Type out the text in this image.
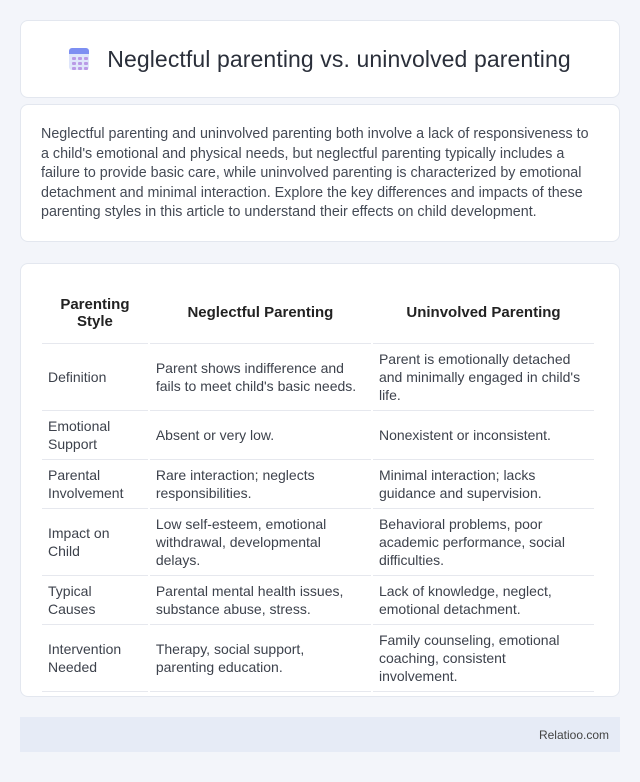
Neglectful parenting vs. uninvolved parenting

Neglectful parenting and uninvolved parenting both involve a lack of responsiveness to a child's emotional and physical needs, but neglectful parenting typically includes a failure to provide basic care, while uninvolved parenting is characterized by emotional detachment and minimal interaction. Explore the key differences and impacts of these parenting styles in this article to understand their effects on child development.

Parenting Style	Neglectful Parenting	Uninvolved Parenting
Definition	Parent shows indifference and fails to meet child's basic needs.	Parent is emotionally detached and minimally engaged in child's life.
Emotional Support	Absent or very low.	Nonexistent or inconsistent.
Parental Involvement	Rare interaction; neglects responsibilities.	Minimal interaction; lacks guidance and supervision.
Impact on Child	Low self-esteem, emotional withdrawal, developmental delays.	Behavioral problems, poor academic performance, social difficulties.
Typical Causes	Parental mental health issues, substance abuse, stress.	Lack of knowledge, neglect, emotional detachment.
Intervention Needed	Therapy, social support, parenting education.	Family counseling, emotional coaching, consistent involvement.
Relatioo.com
